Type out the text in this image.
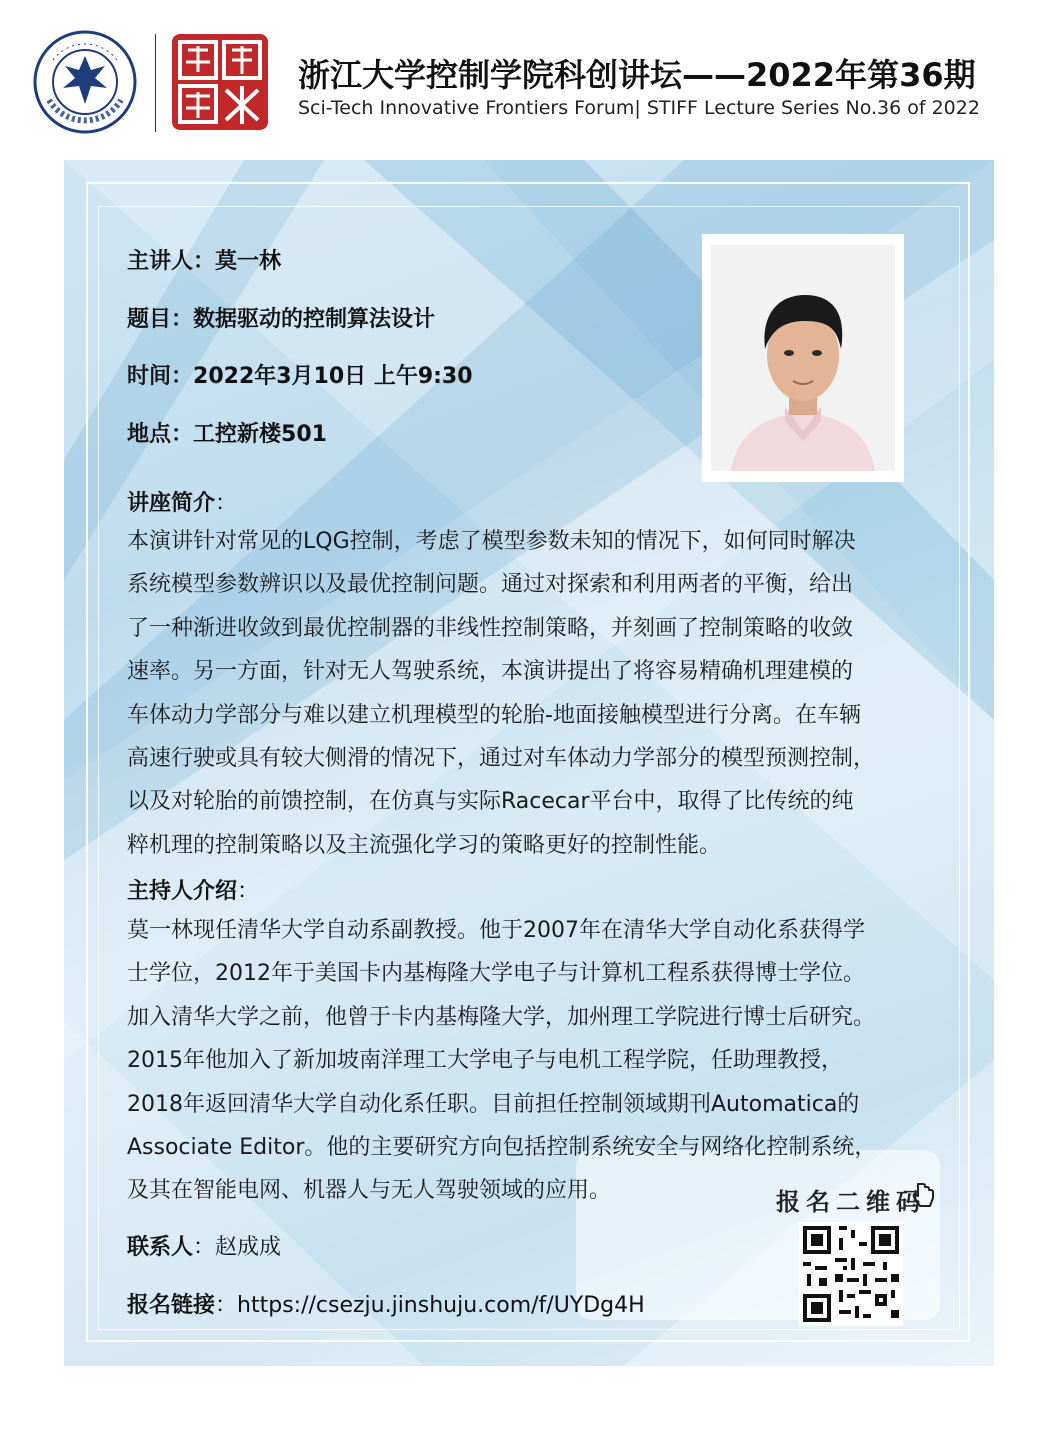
浙江大学控制学院科创讲坛——2022年第36期
Sci-Tech Innovative Frontiers Forum| STIFF Lecture Series No.36 of 2022
主讲人：莫一林
题目：数据驱动的控制算法设计
时间：2022年3月10日 上午9:30
地点：工控新楼501
讲座简介：
本演讲针对常见的LQG控制，考虑了模型参数未知的情况下，如何同时解决
系统模型参数辨识以及最优控制问题。通过对探索和利用两者的平衡，给出
了一种渐进收敛到最优控制器的非线性控制策略，并刻画了控制策略的收敛
速率。另一方面，针对无人驾驶系统，本演讲提出了将容易精确机理建模的
车体动力学部分与难以建立机理模型的轮胎-地面接触模型进行分离。在车辆
高速行驶或具有较大侧滑的情况下，通过对车体动力学部分的模型预测控制，
以及对轮胎的前馈控制，在仿真与实际Racecar平台中，取得了比传统的纯
粹机理的控制策略以及主流强化学习的策略更好的控制性能。
主持人介绍：
莫一林现任清华大学自动系副教授。他于2007年在清华大学自动化系获得学
士学位，2012年于美国卡内基梅隆大学电子与计算机工程系获得博士学位。
加入清华大学之前，他曾于卡内基梅隆大学，加州理工学院进行博士后研究。
2015年他加入了新加坡南洋理工大学电子与电机工程学院，任助理教授，
2018年返回清华大学自动化系任职。目前担任控制领域期刊Automatica的
Associate Editor。他的主要研究方向包括控制系统安全与网络化控制系统，
及其在智能电网、机器人与无人驾驶领域的应用。
联系人：赵成成
报名链接：https://csezju.jinshuju.com/f/UYDg4H
报名二维码
